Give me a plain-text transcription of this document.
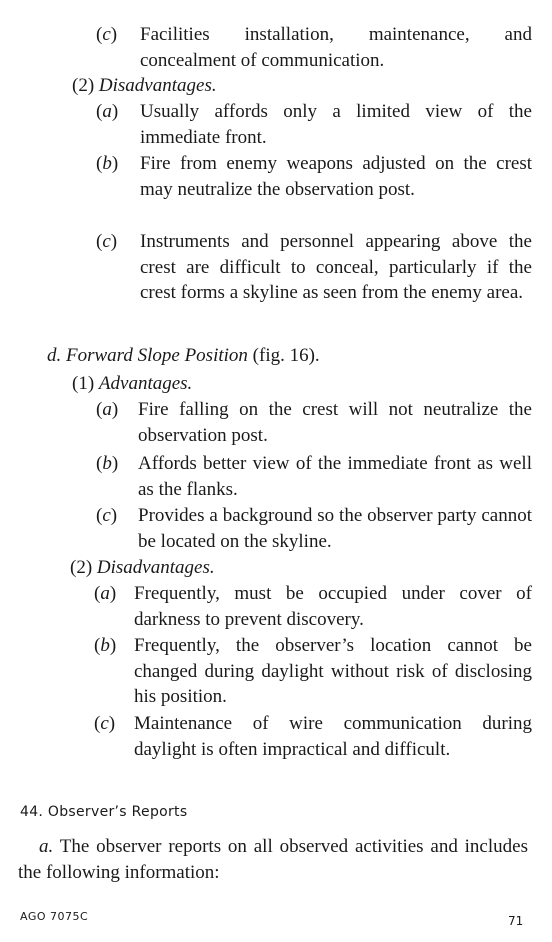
(c) Facilities installation, maintenance, and concealment of communication.
(2) Disadvantages.
(a) Usually affords only a limited view of the immediate front.
(b) Fire from enemy weapons adjusted on the crest may neutralize the observation post.
(c) Instruments and personnel appearing above the crest are difficult to conceal, particularly if the crest forms a skyline as seen from the enemy area.
d. Forward Slope Position (fig. 16).
(1) Advantages.
(a) Fire falling on the crest will not neutralize the observation post.
(b) Affords better view of the immediate front as well as the flanks.
(c) Provides a background so the observer party cannot be located on the skyline.
(2) Disadvantages.
(a) Frequently, must be occupied under cover of darkness to prevent discovery.
(b) Frequently, the observer’s location cannot be changed during daylight without risk of disclosing his position.
(c) Maintenance of wire communication during daylight is often impractical and difficult.
44. Observer’s Reports
a. The observer reports on all observed activities and includes the following information:
AGO 7075C	71
